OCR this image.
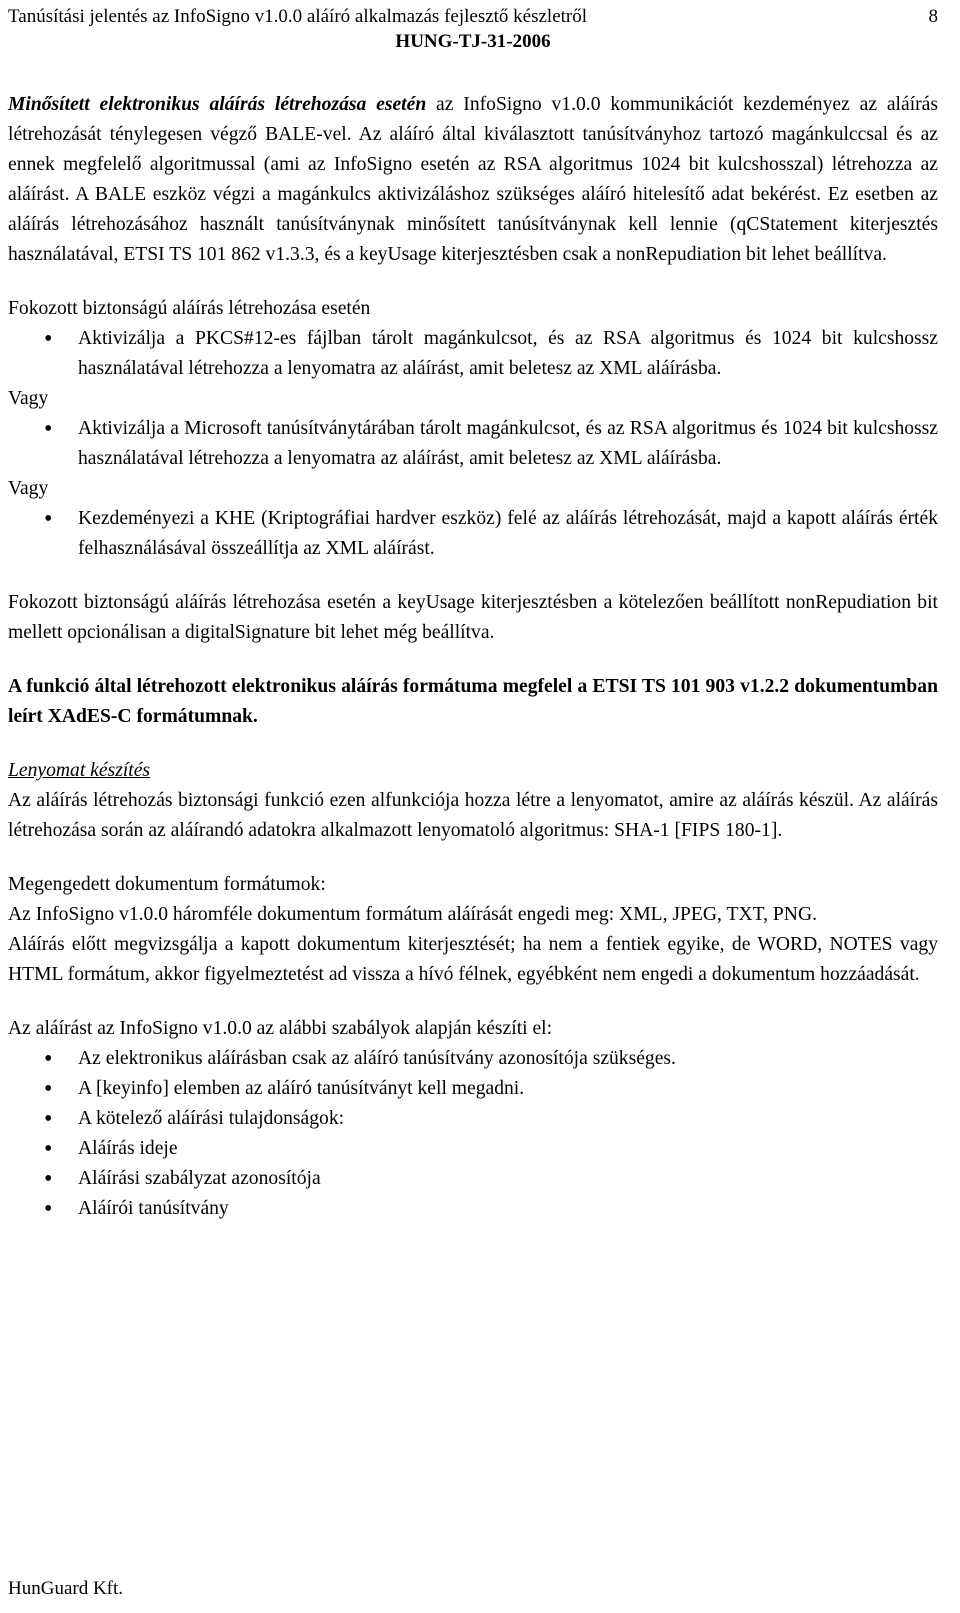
Tanúsítási jelentés az InfoSigno v1.0.0 aláíró alkalmazás fejlesztő készletről	8
HUNG-TJ-31-2006

Minősített elektronikus aláírás létrehozása esetén az InfoSigno v1.0.0 kommunikációt kezdeményez az aláírás létrehozását ténylegesen végző BALE-vel. Az aláíró által kiválasztott tanúsítványhoz tartozó magánkulccsal és az ennek megfelelő algoritmussal (ami az InfoSigno esetén az RSA algoritmus 1024 bit kulcshosszal) létrehozza az aláírást. A BALE eszköz végzi a magánkulcs aktivizáláshoz szükséges aláíró hitelesítő adat bekérést. Ez esetben az aláírás létrehozásához használt tanúsítványnak minősített tanúsítványnak kell lennie (qCStatement kiterjesztés használatával, ETSI TS 101 862 v1.3.3, és a keyUsage kiterjesztésben csak a nonRepudiation bit lehet beállítva.

Fokozott biztonságú aláírás létrehozása esetén

• Aktivizálja a PKCS#12-es fájlban tárolt magánkulcsot, és az RSA algoritmus és 1024 bit kulcshossz használatával létrehozza a lenyomatra az aláírást, amit beletesz az XML aláírásba.

Vagy

• Aktivizálja a Microsoft tanúsítványtárában tárolt magánkulcsot, és az RSA algoritmus és 1024 bit kulcshossz használatával létrehozza a lenyomatra az aláírást, amit beletesz az XML aláírásba.

Vagy

• Kezdeményezi a KHE (Kriptográfiai hardver eszköz) felé az aláírás létrehozását, majd a kapott aláírás érték felhasználásával összeállítja az XML aláírást.

Fokozott biztonságú aláírás létrehozása esetén a keyUsage kiterjesztésben a kötelezően beállított nonRepudiation bit mellett opcionálisan a digitalSignature bit lehet még beállítva.

A funkció által létrehozott elektronikus aláírás formátuma megfelel a ETSI TS 101 903 v1.2.2 dokumentumban leírt XAdES-C formátumnak.

Lenyomat készítés

Az aláírás létrehozás biztonsági funkció ezen alfunkciója hozza létre a lenyomatot, amire az aláírás készül. Az aláírás létrehozása során az aláírandó adatokra alkalmazott lenyomatoló algoritmus: SHA-1 [FIPS 180-1].

Megengedett dokumentum formátumok:

Az InfoSigno v1.0.0 háromféle dokumentum formátum aláírását engedi meg: XML, JPEG, TXT, PNG.

Aláírás előtt megvizsgálja a kapott dokumentum kiterjesztését; ha nem a fentiek egyike, de WORD, NOTES vagy HTML formátum, akkor figyelmeztetést ad vissza a hívó félnek, egyébként nem engedi a dokumentum hozzáadását.

Az aláírást az InfoSigno v1.0.0 az alábbi szabályok alapján készíti el:

• Az elektronikus aláírásban csak az aláíró tanúsítvány azonosítója szükséges.
• A [keyinfo] elemben az aláíró tanúsítványt kell megadni.
• A kötelező aláírási tulajdonságok:
• Aláírás ideje
• Aláírási szabályzat azonosítója
• Aláírói tanúsítvány
HunGuard Kft.
